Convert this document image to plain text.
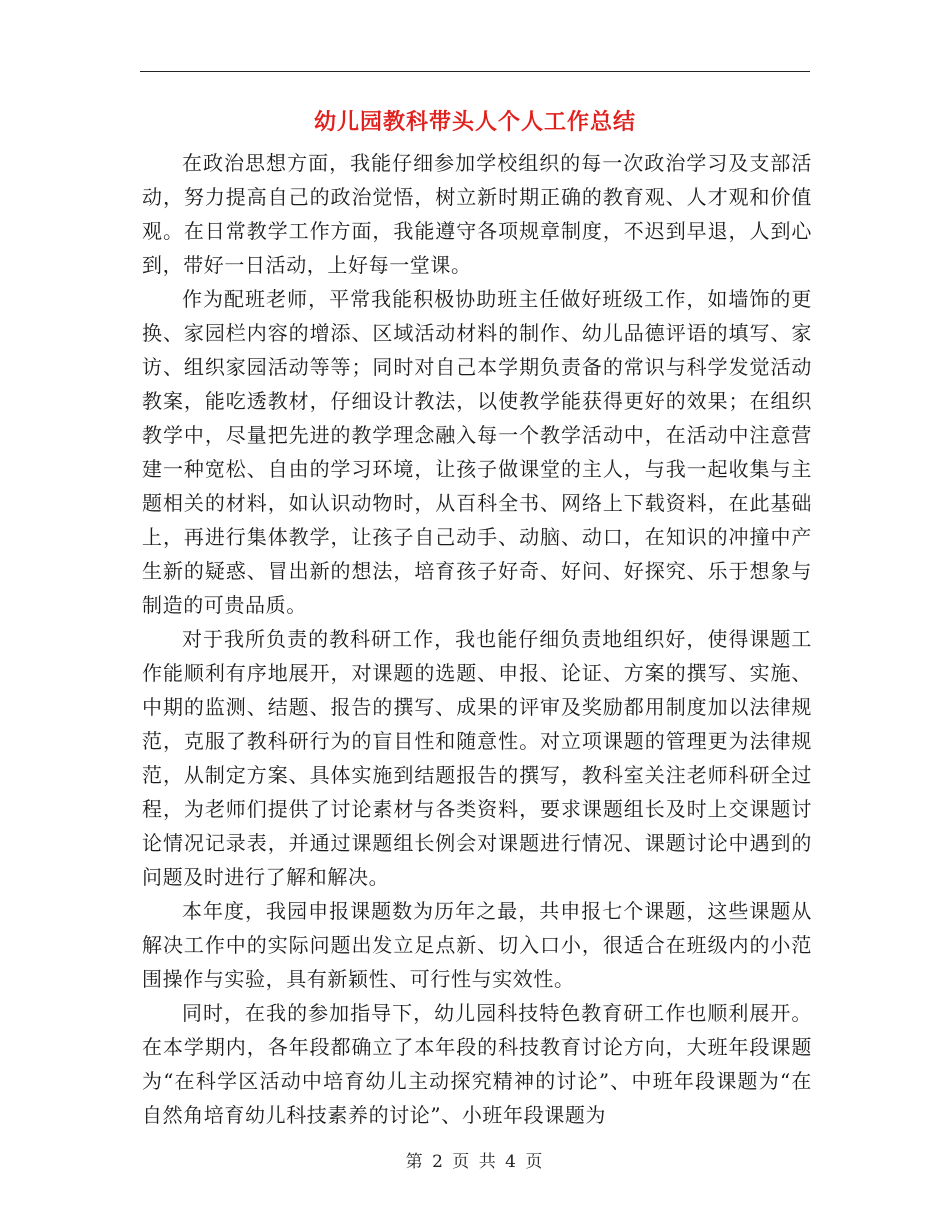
幼儿园教科带头人个人工作总结

在政治思想方面，我能仔细参加学校组织的每一次政治学习及支部活动，努力提高自己的政治觉悟，树立新时期正确的教育观、人才观和价值观。在日常教学工作方面，我能遵守各项规章制度，不迟到早退，人到心到，带好一日活动，上好每一堂课。

作为配班老师，平常我能积极协助班主任做好班级工作，如墙饰的更换、家园栏内容的增添、区域活动材料的制作、幼儿品德评语的填写、家访、组织家园活动等等；同时对自己本学期负责备的常识与科学发觉活动教案，能吃透教材，仔细设计教法，以使教学能获得更好的效果；在组织教学中，尽量把先进的教学理念融入每一个教学活动中，在活动中注意营建一种宽松、自由的学习环境，让孩子做课堂的主人，与我一起收集与主题相关的材料，如认识动物时，从百科全书、网络上下载资料，在此基础上，再进行集体教学，让孩子自己动手、动脑、动口，在知识的冲撞中产生新的疑惑、冒出新的想法，培育孩子好奇、好问、好探究、乐于想象与制造的可贵品质。

对于我所负责的教科研工作，我也能仔细负责地组织好，使得课题工作能顺利有序地展开，对课题的选题、申报、论证、方案的撰写、实施、中期的监测、结题、报告的撰写、成果的评审及奖励都用制度加以法律规范，克服了教科研行为的盲目性和随意性。对立项课题的管理更为法律规范，从制定方案、具体实施到结题报告的撰写，教科室关注老师科研全过程，为老师们提供了讨论素材与各类资料，要求课题组长及时上交课题讨论情况记录表，并通过课题组长例会对课题进行情况、课题讨论中遇到的问题及时进行了解和解决。

本年度，我园申报课题数为历年之最，共申报七个课题，这些课题从解决工作中的实际问题出发立足点新、切入口小，很适合在班级内的小范围操作与实验，具有新颖性、可行性与实效性。

同时，在我的参加指导下，幼儿园科技特色教育研工作也顺利展开。在本学期内，各年段都确立了本年段的科技教育讨论方向，大班年段课题为“在科学区活动中培育幼儿主动探究精神的讨论”、中班年段课题为“在自然角培育幼儿科技素养的讨论”、小班年段课题为

第 2 页 共 4 页
